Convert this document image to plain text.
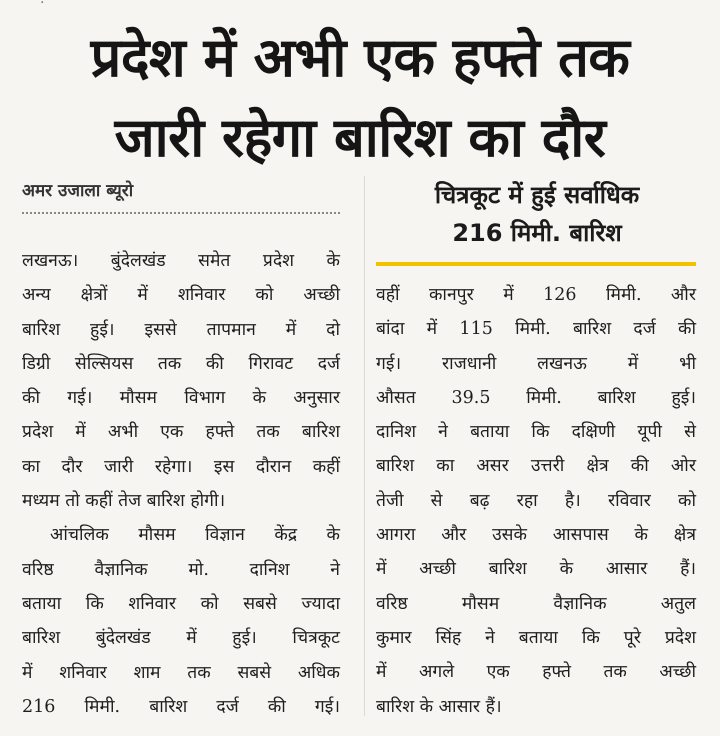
प्रदेश में अभी एक हफ्ते तक
जारी रहेगा बारिश का दौर
अमर उजाला ब्यूरो	चित्रकूट में हुई सर्वाधिक
216 मिमी. बारिश
लखनऊ। बुंदेलखंड समेत प्रदेश के
अन्य क्षेत्रों में शनिवार को अच्छी
बारिश हुई। इससे तापमान में दो
डिग्री सेल्सियस तक की गिरावट दर्ज
की गई। मौसम विभाग के अनुसार
प्रदेश में अभी एक हफ्ते तक बारिश
का दौर जारी रहेगा। इस दौरान कहीं
मध्यम तो कहीं तेज बारिश होगी।
आंचलिक मौसम विज्ञान केंद्र के
वरिष्ठ वैज्ञानिक मो. दानिश ने
बताया कि शनिवार को सबसे ज्यादा
बारिश बुंदेलखंड में हुई। चित्रकूट
में शनिवार शाम तक सबसे अधिक
216 मिमी. बारिश दर्ज की गई।
वहीं कानपुर में 126 मिमी. और
बांदा में 115 मिमी. बारिश दर्ज की
गई। राजधानी लखनऊ में भी
औसत 39.5 मिमी. बारिश हुई।
दानिश ने बताया कि दक्षिणी यूपी से
बारिश का असर उत्तरी क्षेत्र की ओर
तेजी से बढ़ रहा है। रविवार को
आगरा और उसके आसपास के क्षेत्र
में अच्छी बारिश के आसार हैं।
वरिष्ठ मौसम वैज्ञानिक अतुल
कुमार सिंह ने बताया कि पूरे प्रदेश
में अगले एक हफ्ते तक अच्छी
बारिश के आसार हैं।
